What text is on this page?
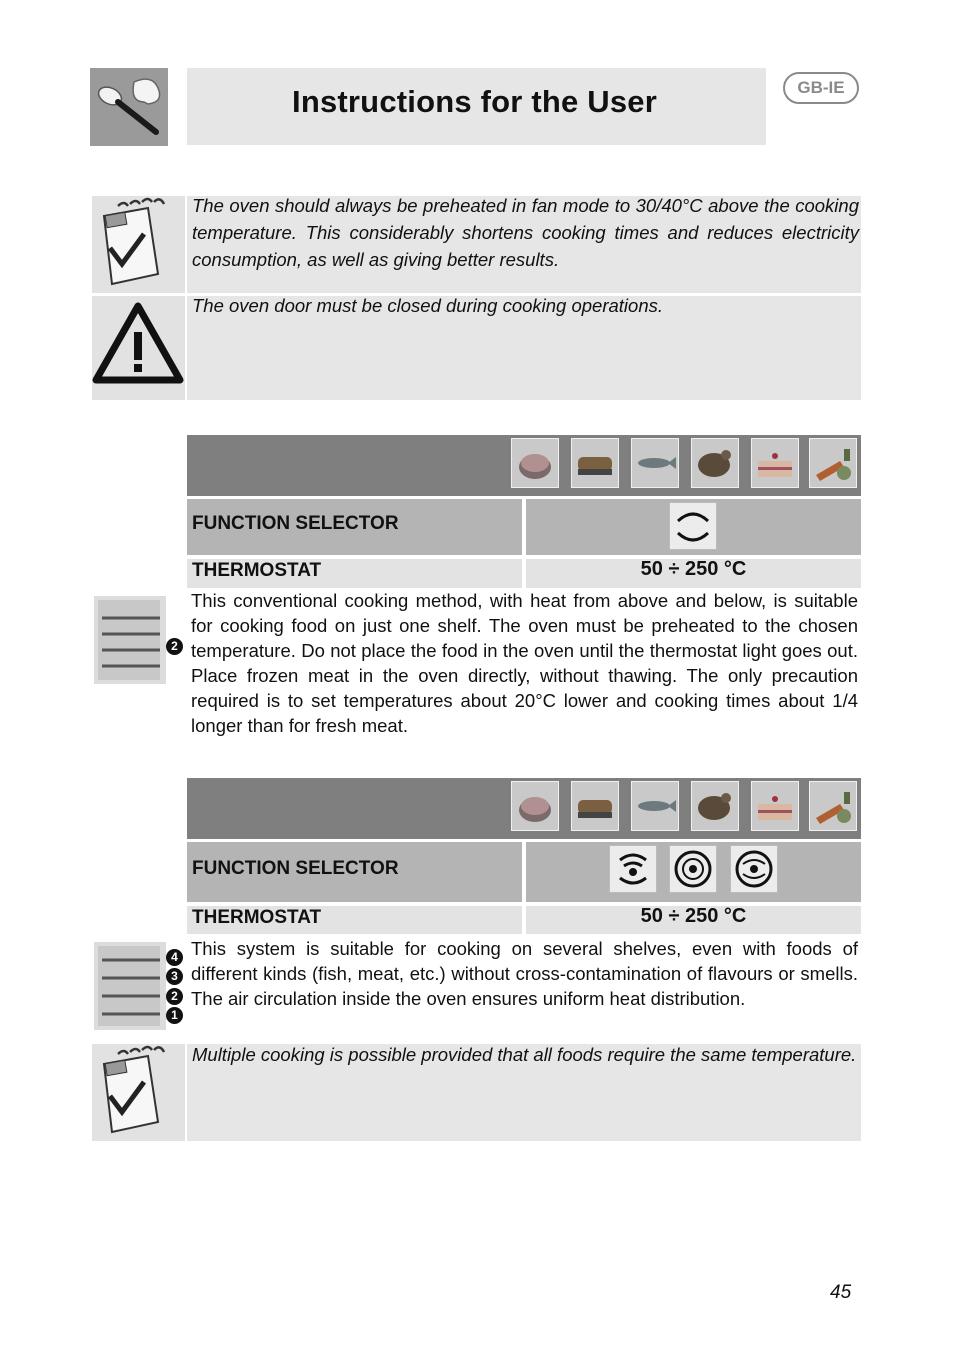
Instructions for the User	GB-IE
The oven should always be preheated in fan mode to 30/40°C above the cooking temperature. This considerably shortens cooking times and reduces electricity consumption, as well as giving better results.
The oven door must be closed during cooking operations.
FUNCTION SELECTOR
THERMOSTAT	50 ÷ 250 °C
2
This conventional cooking method, with heat from above and below, is suitable for cooking food on just one shelf. The oven must be preheated to the chosen temperature. Do not place the food in the oven until the thermostat light goes out. Place frozen meat in the oven directly, without thawing. The only precaution required is to set temperatures about 20°C lower and cooking times about 1/4 longer than for fresh meat.
FUNCTION SELECTOR
THERMOSTAT	50 ÷ 250 °C
4
3
2
1
This system is suitable for cooking on several shelves, even with foods of different kinds (fish, meat, etc.) without cross-contamination of flavours or smells. The air circulation inside the oven ensures uniform heat distribution.
Multiple cooking is possible provided that all foods require the same temperature.
45
